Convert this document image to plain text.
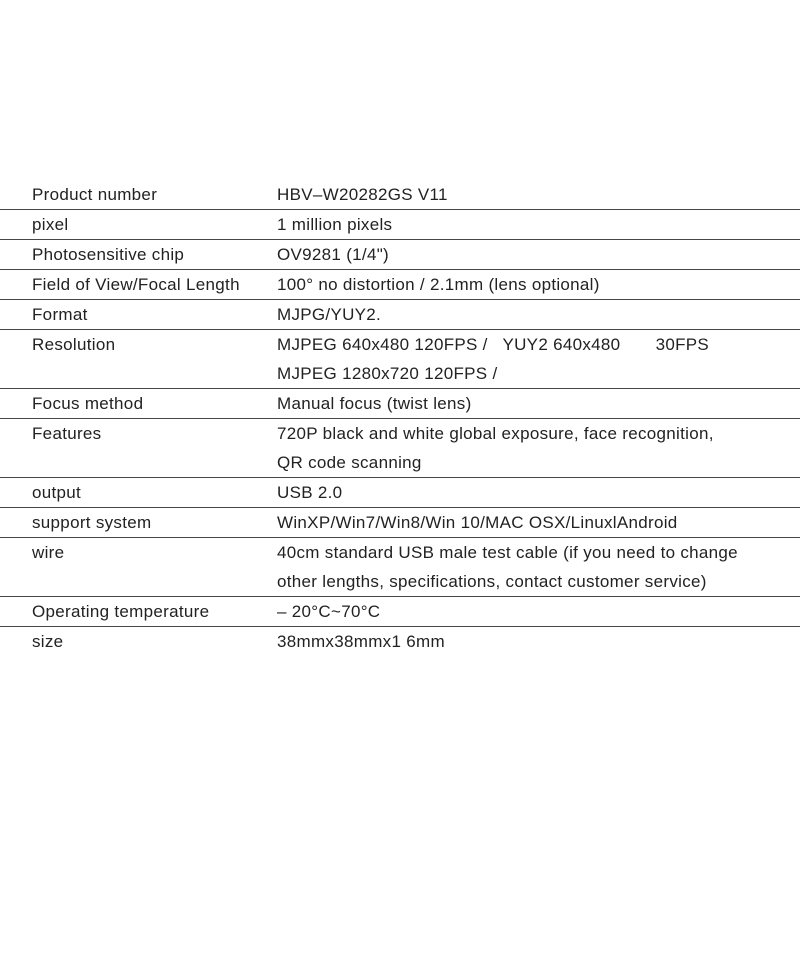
Product number	HBV–W20282GS V11
pixel	1 million pixels
Photosensitive chip	OV9281 (1/4")
Field of View/Focal Length	100° no distortion / 2.1mm (lens optional)
Format	MJPG/YUY2.
Resolution	MJPEG 640x480 120FPS /   YUY2 640x480       30FPS
MJPEG 1280x720 120FPS /
Focus method	Manual focus (twist lens)
Features	720P black and white global exposure, face recognition,
QR code scanning
output	USB 2.0
support system	WinXP/Win7/Win8/Win 10/MAC OSX/LinuxlAndroid
wire	40cm standard USB male test cable (if you need to change
other lengths, specifications, contact customer service)
Operating temperature	– 20°C~70°C
size	38mmx38mmx1 6mm
